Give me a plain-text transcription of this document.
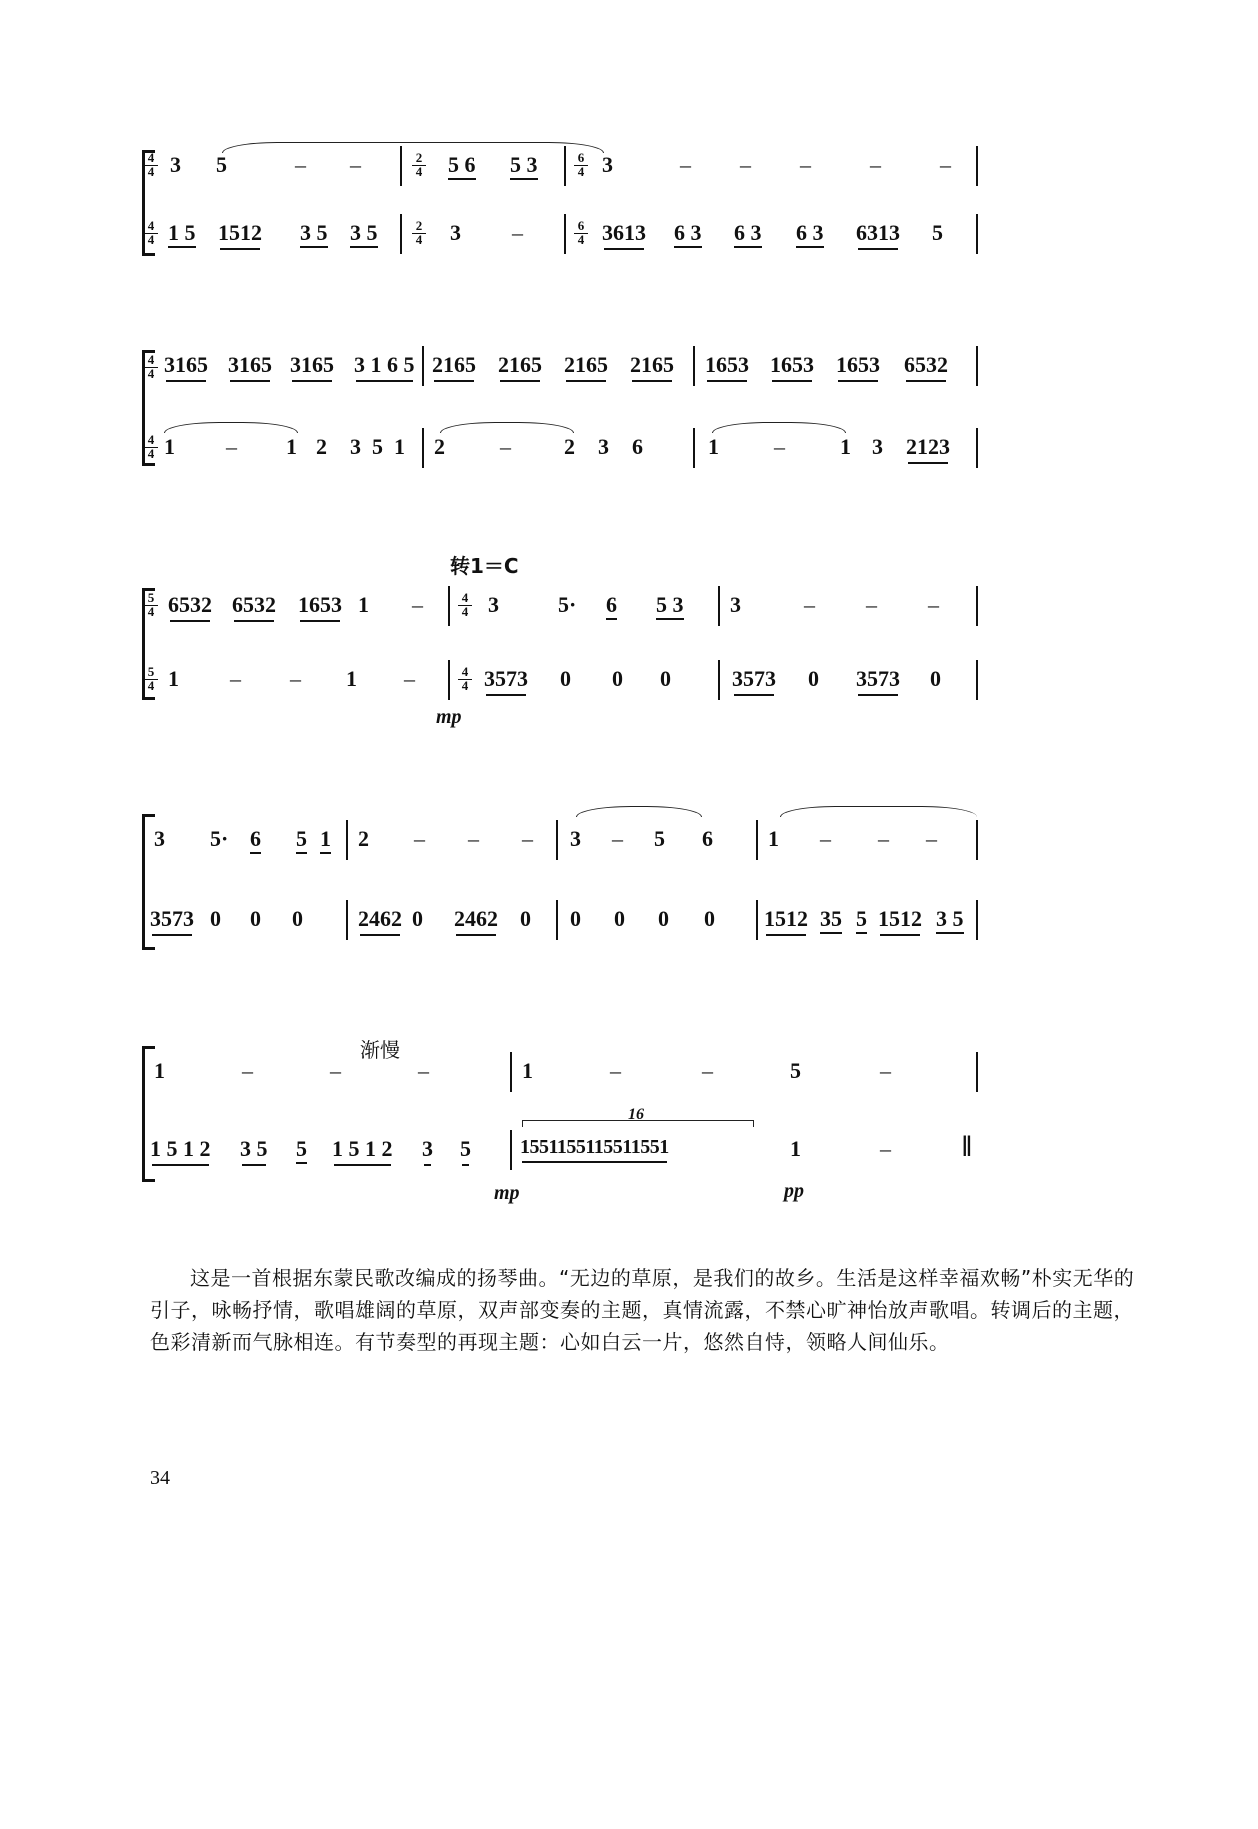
4
4 3 5	– –	2
4 5 6 5 3	6
4 3	– – –	–	–
4
4 1 5 1512 3 5 3 5	2
4 3 –	6
4 3613 6 3 6 3 6 3 6313 5
4
4 3165 3165 3165 3 1 6 5 2165 2165 2165 2165 1653 1653 1653 6532
4
4 1 – 1 2 3 5 1 2	– 2 3 6	1	–	1 3 2123
转1＝C
5
4 6532 6532 1653 1 –	4
4 3	5· 6 5 3 3	– – –
5
4 1 – – 1 –	4
4 3573 0 0 0	3573 0 3573 0
mp
3 5· 6 5 1 2 – – – 3 – 5 6	1 – – –
3573 0 0 0	2462 0 2462 0 0 0 0 0 1512 35 5 1512 3 5
渐慢
1	–	–	–	1	–	–	5	–
16
1 5 1 2 3 5 5 1 5 1 2 3 5 1551155115511551	1	– ‖
mp	pp
这是一首根据东蒙民歌改编成的扬琴曲。“无边的草原，是我们的故乡。生活是这样幸福欢畅”朴实无华的引子，咏畅抒情，歌唱雄阔的草原，双声部变奏的主题，真情流露，不禁心旷神怡放声歌唱。转调后的主题，色彩清新而气脉相连。有节奏型的再现主题：心如白云一片，悠然自恃，领略人间仙乐。
34
